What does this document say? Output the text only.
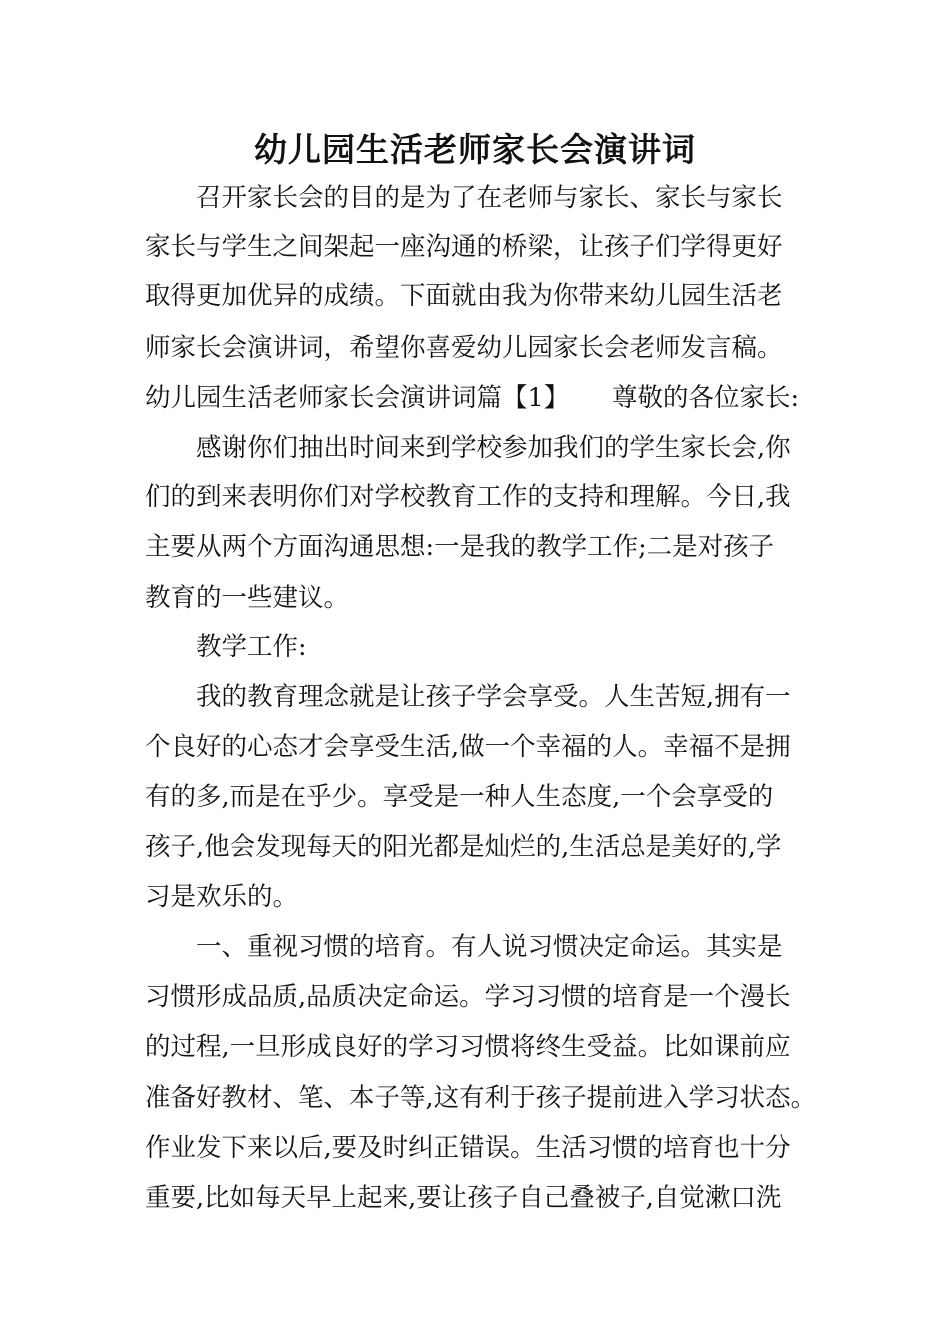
幼儿园生活老师家长会演讲词
召开家长会的目的是为了在老师与家长、家长与家长
家长与学生之间架起一座沟通的桥梁，让孩子们学得更好
取得更加优异的成绩。下面就由我为你带来幼儿园生活老
师家长会演讲词，希望你喜爱幼儿园家长会老师发言稿。
幼儿园生活老师家长会演讲词篇【1】 尊敬的各位家长:
感谢你们抽出时间来到学校参加我们的学生家长会,你
们的到来表明你们对学校教育工作的支持和理解。今日,我
主要从两个方面沟通思想:一是我的教学工作;二是对孩子
教育的一些建议。
教学工作:
我的教育理念就是让孩子学会享受。人生苦短,拥有一
个良好的心态才会享受生活,做一个幸福的人。幸福不是拥
有的多,而是在乎少。享受是一种人生态度,一个会享受的
孩子,他会发现每天的阳光都是灿烂的,生活总是美好的,学
习是欢乐的。
一、重视习惯的培育。有人说习惯决定命运。其实是
习惯形成品质,品质决定命运。学习习惯的培育是一个漫长
的过程,一旦形成良好的学习习惯将终生受益。比如课前应
准备好教材、笔、本子等,这有利于孩子提前进入学习状态。
作业发下来以后,要及时纠正错误。生活习惯的培育也十分
重要,比如每天早上起来,要让孩子自己叠被子,自觉漱口洗
